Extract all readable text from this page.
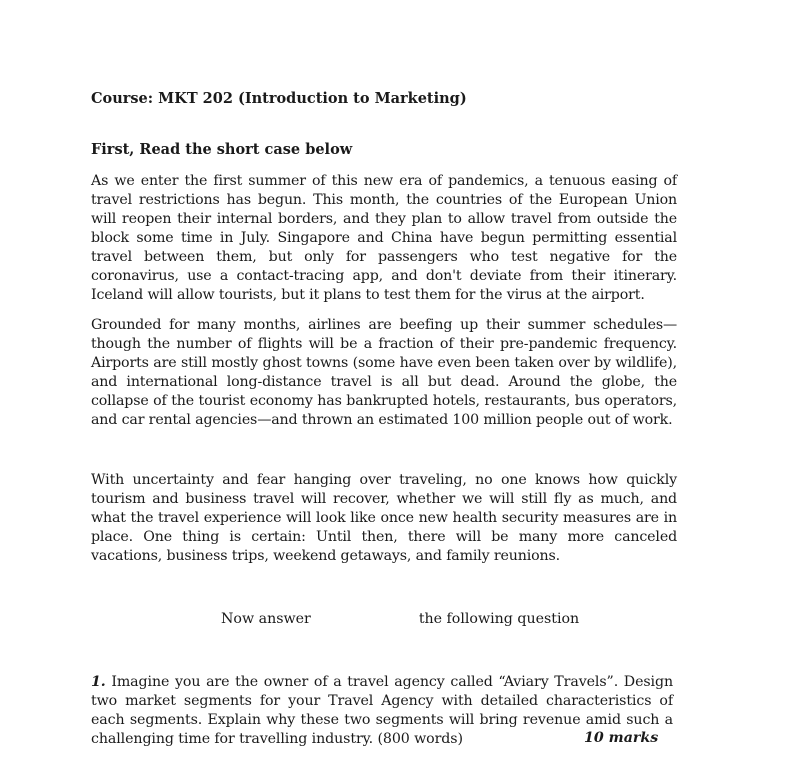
Course: MKT 202 (Introduction to Marketing)

First, Read the short case below

As we enter the first summer of this new era of pandemics, a tenuous easing of travel restrictions has begun. This month, the countries of the European Union will reopen their internal borders, and they plan to allow travel from outside the block some time in July. Singapore and China have begun permitting essential travel between them, but only for passengers who test negative for the coronavirus, use a contact-tracing app, and don't deviate from their itinerary. Iceland will allow tourists, but it plans to test them for the virus at the airport.

Grounded for many months, airlines are beefing up their summer schedules—though the number of flights will be a fraction of their pre-pandemic frequency. Airports are still mostly ghost towns (some have even been taken over by wildlife), and international long-distance travel is all but dead. Around the globe, the collapse of the tourist economy has bankrupted hotels, restaurants, bus operators, and car rental agencies—and thrown an estimated 100 million people out of work.

With uncertainty and fear hanging over traveling, no one knows how quickly tourism and business travel will recover, whether we will still fly as much, and what the travel experience will look like once new health security measures are in place. One thing is certain: Until then, there will be many more canceled vacations, business trips, weekend getaways, and family reunions.

Now answer	the following question

1. Imagine you are the owner of a travel agency called “Aviary Travels”. Design two market segments for your Travel Agency with detailed characteristics of each segments. Explain why these two segments will bring revenue amid such a challenging time for travelling industry. (800 words)	10 marks
